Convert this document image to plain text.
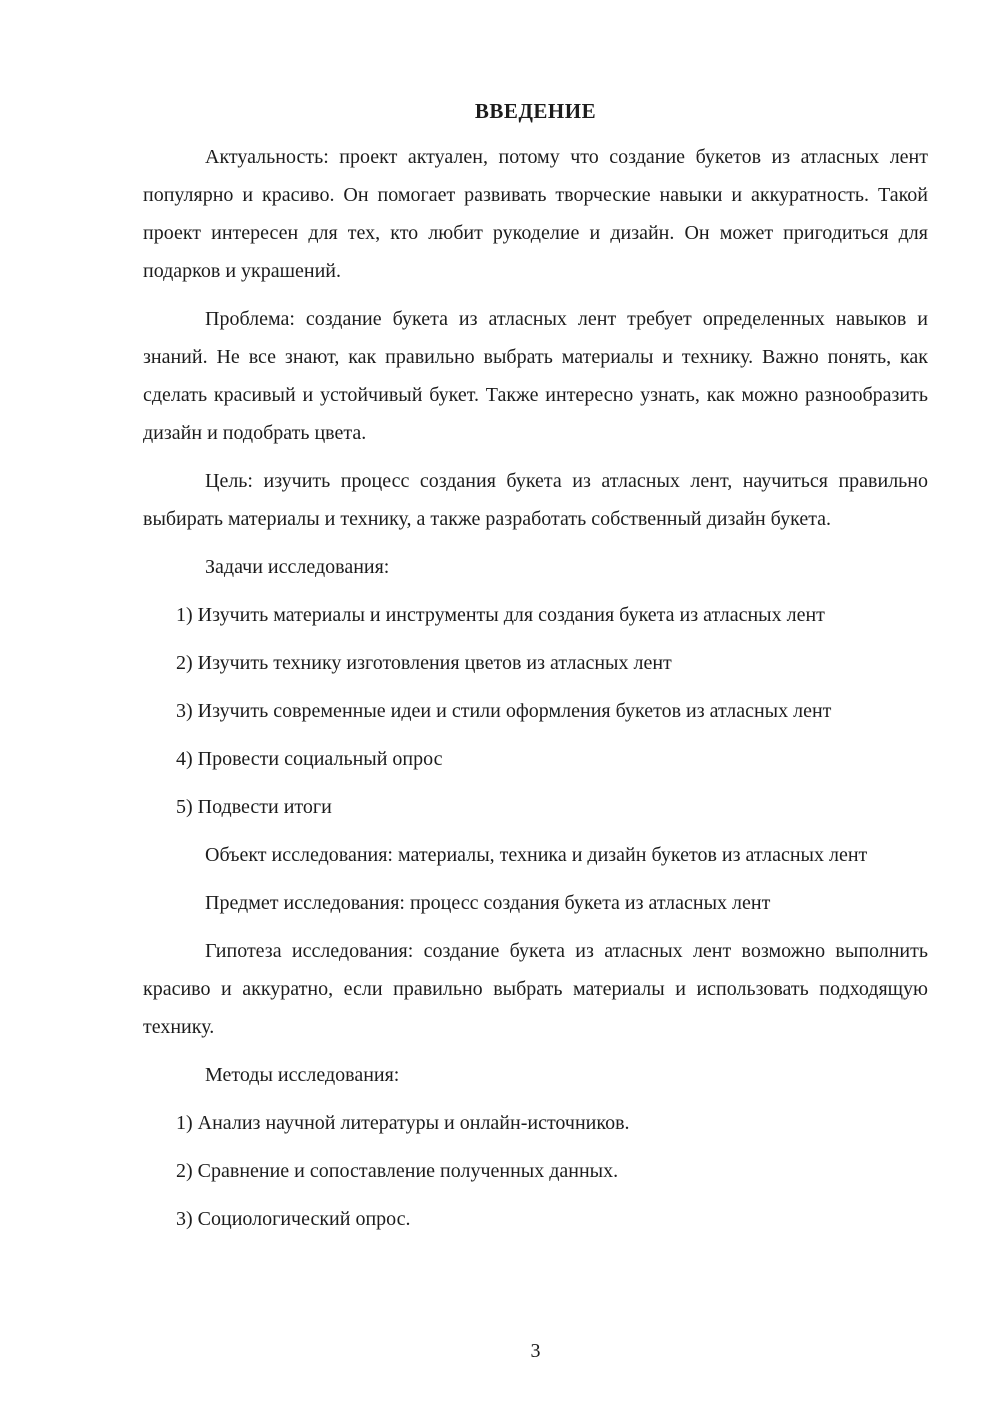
ВВЕДЕНИЕ

Актуальность: проект актуален, потому что создание букетов из атласных лент популярно и красиво. Он помогает развивать творческие навыки и аккуратность. Такой проект интересен для тех, кто любит рукоделие и дизайн. Он может пригодиться для подарков и украшений.

Проблема: создание букета из атласных лент требует определенных навыков и знаний. Не все знают, как правильно выбрать материалы и технику. Важно понять, как сделать красивый и устойчивый букет. Также интересно узнать, как можно разнообразить дизайн и подобрать цвета.

Цель: изучить процесс создания букета из атласных лент, научиться правильно выбирать материалы и технику, а также разработать собственный дизайн букета.

Задачи исследования:

1) Изучить материалы и инструменты для создания букета из атласных лент

2) Изучить технику изготовления цветов из атласных лент

3) Изучить современные идеи и стили оформления букетов из атласных лент

4) Провести социальный опрос

5) Подвести итоги

Объект исследования: материалы, техника и дизайн букетов из атласных лент

Предмет исследования: процесс создания букета из атласных лент

Гипотеза исследования: создание букета из атласных лент возможно выполнить красиво и аккуратно, если правильно выбрать материалы и использовать подходящую технику.

Методы исследования:

1) Анализ научной литературы и онлайн-источников.

2) Сравнение и сопоставление полученных данных.

3) Социологический опрос.

3
